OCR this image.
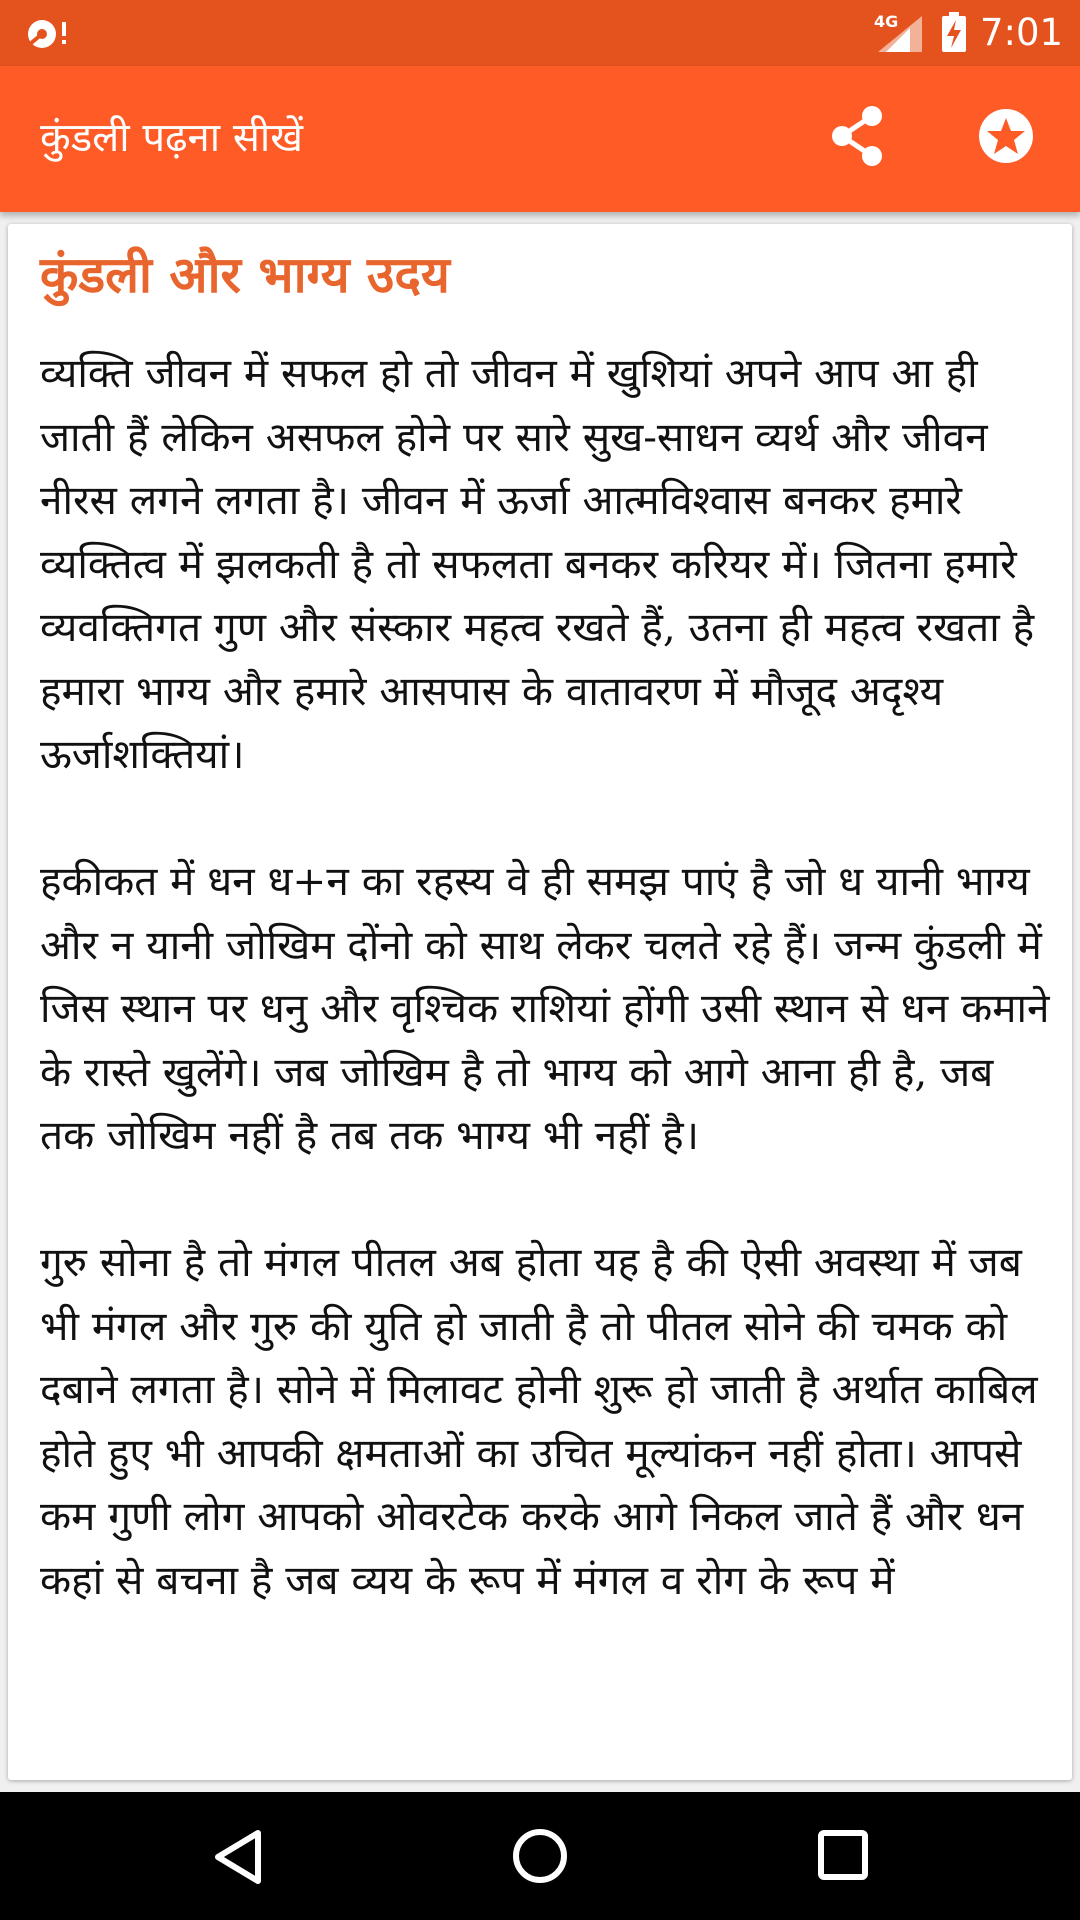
4G 7:01
कुंडली पढ़ना सीखें
कुंडली और भाग्य उदय

व्यक्ति जीवन में सफल हो तो जीवन में खुशियां अपने आप आ ही जाती हैं लेकिन असफल होने पर सारे सुख-साधन व्यर्थ और जीवन नीरस लगने लगता है। जीवन में ऊर्जा आत्मविश्वास बनकर हमारे व्यक्तित्व में झलकती है तो सफलता बनकर करियर में। जितना हमारे व्यवक्तिगत गुण और संस्कार महत्व रखते हैं, उतना ही महत्व रखता है हमारा भाग्य और हमारे आसपास के वातावरण में मौजूद अदृश्य ऊर्जाशक्तियां।

हकीकत में धन ध+न का रहस्य वे ही समझ पाएं है जो ध यानी भाग्य और न यानी जोखिम दोंनो को साथ लेकर चलते रहे हैं। जन्म कुंडली में जिस स्थान पर धनु और वृश्चिक राशियां होंगी उसी स्थान से धन कमाने के रास्ते खुलेंगे। जब जोखिम है तो भाग्य को आगे आना ही है, जब तक जोखिम नहीं है तब तक भाग्य भी नहीं है।

गुरु सोना है तो मंगल पीतल अब होता यह है की ऐसी अवस्था में जब भी मंगल और गुरु की युति हो जाती है तो पीतल सोने की चमक को दबाने लगता है। सोने में मिलावट होनी शुरू हो जाती है अर्थात काबिल होते हुए भी आपकी क्षमताओं का उचित मूल्यांकन नहीं होता। आपसे कम गुणी लोग आपको ओवरटेक करके आगे निकल जाते हैं और धन कहां से बचना है जब व्यय के रूप में मंगल व रोग के रूप में
